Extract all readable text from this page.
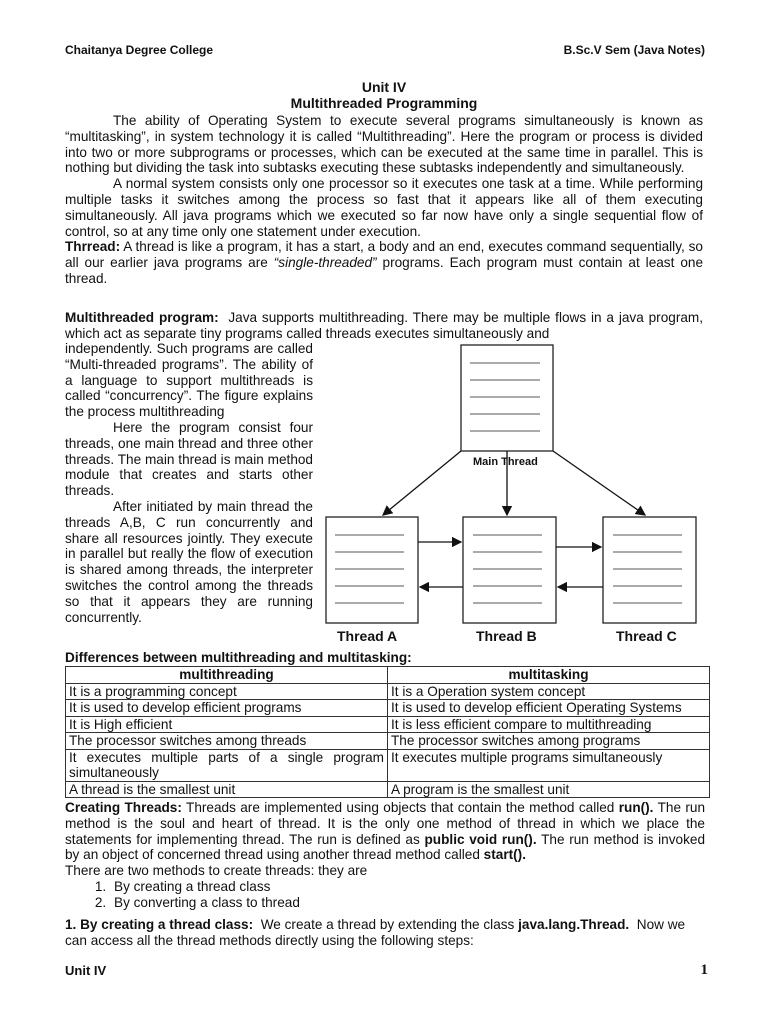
Chaitanya Degree College	B.Sc.V Sem (Java Notes)
Unit IV
Multithreaded Programming

The ability of Operating System to execute several programs simultaneously is known as “multitasking”, in system technology it is called “Multithreading”. Here the program or process is divided into two or more subprograms or processes, which can be executed at the same time in parallel. This is nothing but dividing the task into subtasks executing these subtasks independently and simultaneously.

A normal system consists only one processor so it executes one task at a time. While performing multiple tasks it switches among the process so fast that it appears like all of them executing simultaneously. All java programs which we executed so far now have only a single sequential flow of control, so at any time only one statement under execution.

Thrread: A thread is like a program, it has a start, a body and an end, executes command sequentially, so all our earlier java programs are “single-threaded” programs. Each program must contain at least one thread.

Multithreaded program: Java supports multithreading. There may be multiple flows in a java program, which act as separate tiny programs called threads executes simultaneously and

independently. Such programs are called “Multi-threaded programs”. The ability of a language to support multithreads is called “concurrency”. The figure explains the process multithreading

Here the program consist four threads, one main thread and three other threads. The main thread is main method module that creates and starts other threads.

After initiated by main thread the threads A,B, C run concurrently and share all resources jointly. They execute in parallel but really the flow of execution is shared among threads, the interpreter switches the control among the threads so that it appears they are running concurrently.

Main Thread
Thread A	Thread B	Thread C
Differences between multithreading and multitasking:
multithreading	multitasking
It is a programming concept	It is a Operation system concept
It is used to develop efficient programs	It is used to develop efficient Operating Systems
It is High efficient	It is less efficient compare to multithreading
The processor switches among threads	The processor switches among programs
It executes multiple parts of a single program simultaneously	It executes multiple programs simultaneously
A thread is the smallest unit	A program is the smallest unit

Creating Threads: Threads are implemented using objects that contain the method called run(). The run method is the soul and heart of thread. It is the only one method of thread in which we place the statements for implementing thread. The run is defined as public void run(). The run method is invoked by an object of concerned thread using another thread method called start().

There are two methods to create threads: they are

1. By creating a thread class
2. By converting a class to thread
1. By creating a thread class: We create a thread by extending the class java.lang.Thread. Now we can access all the thread methods directly using the following steps:
Unit IV	1
